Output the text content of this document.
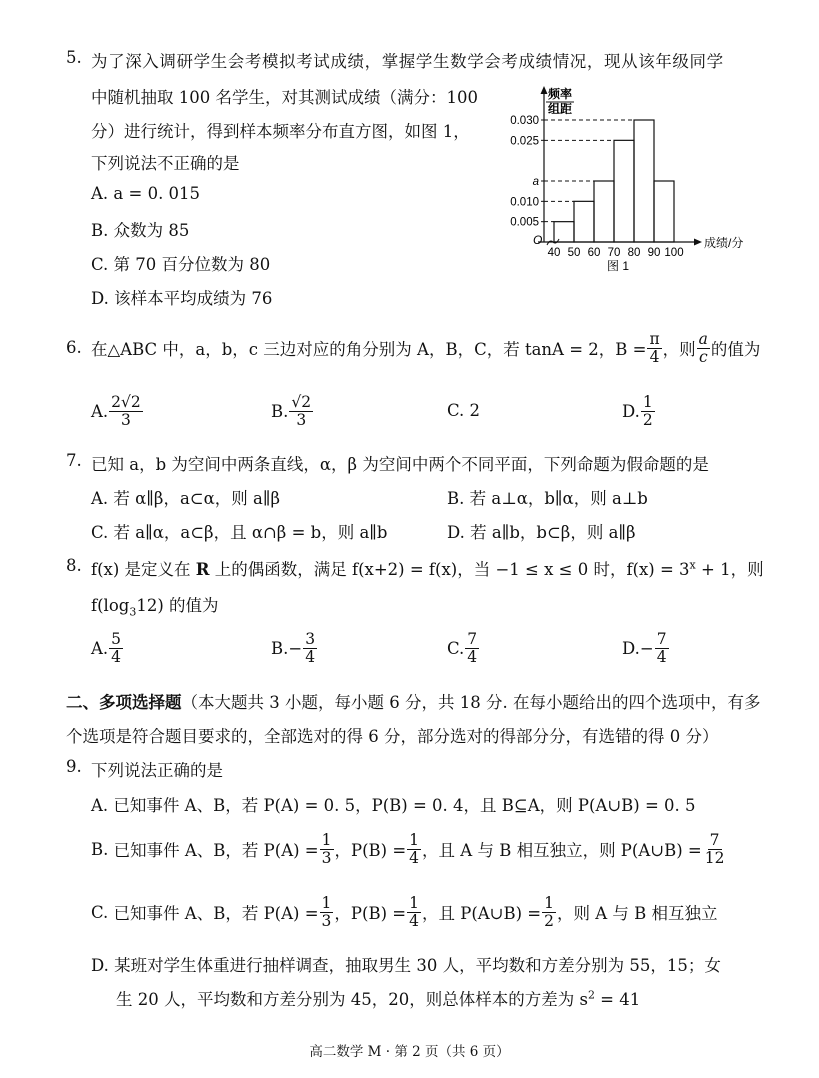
5. 为了深入调研学生会考模拟考试成绩，掌握学生数学会考成绩情况，现从该年级同学
中随机抽取 100 名学生，对其测试成绩（满分：100
分）进行统计，得到样本频率分布直方图，如图 1，
下列说法不正确的是
A. a = 0. 015
B. 众数为 85
C. 第 70 百分位数为 80
D. 该样本平均成绩为 76
频率
组距
O	成绩/分
图 1
0.030
0.025
a
0.010
0.005
40 50 60 70 80 90 100
6. 在△ABC 中，a，b，c 三边对应的角分别为 A，B，C，若 tanA = 2，$B = \frac{\pi}{4}$ ，则 $\frac{a}{c}$ 的值为
A. $\frac{2√2}{3}$	B. $\frac{√2}{3}$	C. 2	D. $\frac{1}{2}$
7. 已知 a，b 为空间中两条直线，α，β 为空间中两个不同平面，下列命题为假命题的是
A. 若 α∥β，a⊂α，则 a∥β	B. 若 a⊥α，b∥α，则 a⊥b
C. 若 a∥α，a⊂β，且 α∩β = b，则 a∥b	D. 若 a∥b，b⊂β，则 a∥β
8. f(x) 是定义在 R 上的偶函数，满足 f(x+2) = f(x)，当 −1 ≤ x ≤ 0 时，$f(x) = 3^x + 1$，则
$f(\log_312)$ 的值为
A. $\frac{5}{4}$	B. − $\frac{3}{4}$	C. $\frac{7}{4}$	D. − $\frac{7}{4}$
二、多项选择题（本大题共 3 小题，每小题 6 分，共 18 分. 在每小题给出的四个选项中，有多
个选项是符合题目要求的，全部选对的得 6 分，部分选对的得部分分，有选错的得 0 分）
9. 下列说法正确的是
A. 已知事件 A、B，若 P(A) = 0. 5，P(B) = 0. 4，且 B⊆A，则 P(A∪B) = 0. 5
B.
已知事件 A、B，若 $P(A) = \frac{1}{3}$ ，$P(B) = \frac{1}{4}$ ，且 A 与 B 相互独立，则 P(A∪B) = $\frac{7}{12}$
C.
已知事件 A、B，若 $P(A) = \frac{1}{3}$ ，$P(B) = \frac{1}{4}$ ，且 P(A∪B) = $\frac{1}{2}$ ，则 A 与 B 相互独立
D. 某班对学生体重进行抽样调查，抽取男生 30 人，平均数和方差分别为 55，15；女
生 20 人，平均数和方差分别为 45，20，则总体样本的方差为 $s^2 = 41$
高二数学 M · 第 2 页（共 6 页）
